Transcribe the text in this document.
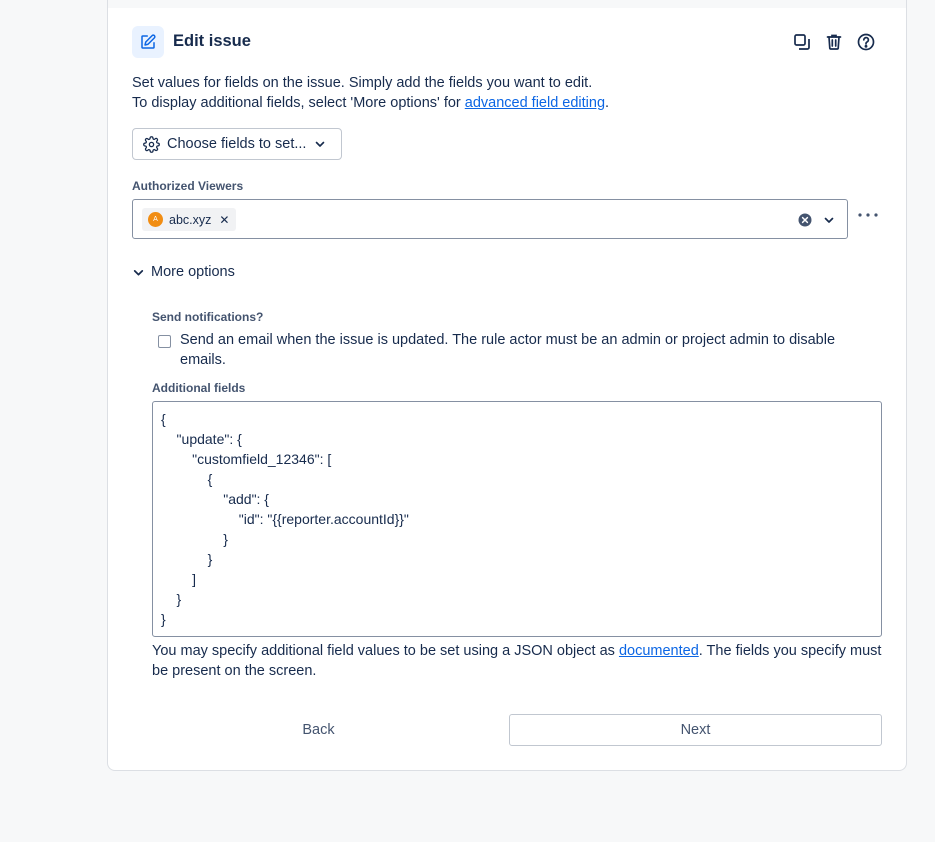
Edit issue
Set values for fields on the issue. Simply add the fields you want to edit.
To display additional fields, select 'More options' for advanced field editing.
Choose fields to set...
Authorized Viewers
A abc.xyz ✕
More options
Send notifications?
Send an email when the issue is updated. The rule actor must be an admin or project admin to disable emails.
Additional fields
{ "update": { "customfield_12346": [ { "add": { "id": "{{reporter.accountId}}" } } ] } }
You may specify additional field values to be set using a JSON object as documented. The fields you specify must be present on the screen.
Back	Next
